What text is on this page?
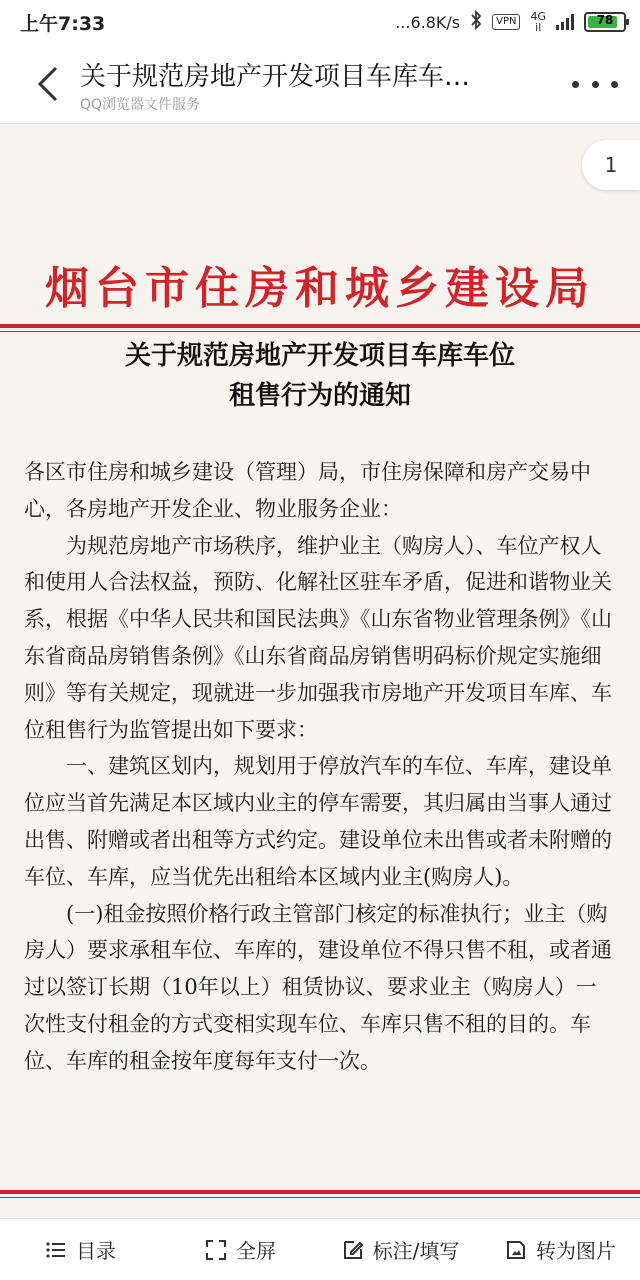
上午7:33	...6.8K/s	VPN	4G
il
78
关于规范房地产开发项目车库车…
QQ浏览器文件服务
1
烟台市住房和城乡建设局
关于规范房地产开发项目车库车位
租售行为的通知

各区市住房和城乡建设（管理）局，市住房保障和房产交易中心，各房地产开发企业、物业服务企业：

为规范房地产市场秩序，维护业主（购房人）、车位产权人和使用人合法权益，预防、化解社区驻车矛盾，促进和谐物业关系，根据《中华人民共和国民法典》《山东省物业管理条例》《山东省商品房销售条例》《山东省商品房销售明码标价规定实施细则》等有关规定，现就进一步加强我市房地产开发项目车库、车位租售行为监管提出如下要求：

一、建筑区划内，规划用于停放汽车的车位、车库，建设单位应当首先满足本区域内业主的停车需要，其归属由当事人通过出售、附赠或者出租等方式约定。建设单位未出售或者未附赠的车位、车库，应当优先出租给本区域内业主(购房人)。

(一)租金按照价格行政主管部门核定的标准执行；业主（购房人）要求承租车位、车库的，建设单位不得只售不租，或者通过以签订长期（10年以上）租赁协议、要求业主（购房人）一次性支付租金的方式变相实现车位、车库只售不租的目的。车位、车库的租金按年度每年支付一次。

目录	全屏	标注/填写	转为图片
